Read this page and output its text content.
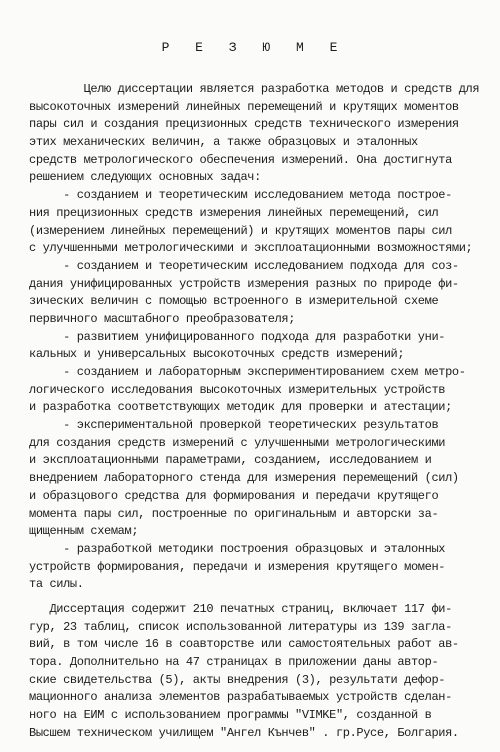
Р Е З Ю М Е
Целю диссертации является разработка методов и средств для
высокоточных измерений линейных перемещений и крутящих моментов
пары сил и создания прецизионных средств технического измерения
этих механических величин, а также образцовых и эталонных
средств метрологического обеспечения измерений. Она достигнута
решением следующих основных задач:
- созданием и теоретическим исследованием метода построе-
ния прецизионных средств измерения линейных перемещений, сил
(измерением линейных перемещений) и крутящих моментов пары сил
с улучшенными метрологическими и эксплоатационными возможностями;
- созданием и теоретическим исследованием подхода для соз-
дания унифицированных устройств измерения разных по природе фи-
зических величин с помощью встроенного в измерительной схеме
первичного масштабного преобразователя;
- развитием унифицированного подхода для разработки уни-
кальных и универсальных высокоточных средств измерений;
- созданием и лабораторным экспериментированием схем метро-
логического исследования высокоточных измерительных устройств
и разработка соответствующих методик для проверки и атестации;
- экспериментальной проверкой теоретических результатов
для создания средств измерений с улучшенными метрологическими
и эксплоатационными параметрами, созданием, исследованием и
внедрением лабораторного стенда для измерения перемещений (сил)
и образцового средства для формирования и передачи крутящего
момента пары сил, построенные по оригинальным и авторски за-
щищенным схемам;
- разработкой методики построения образцовых и эталонных
устройств формирования, передачи и измерения крутящего момен-
та силы.
Диссертация содержит 210 печатных страниц, включает 117 фи-
гур, 23 таблиц, список использованной литературы из 139 загла-
вий, в том числе 16 в соавторстве или самостоятельных работ ав-
тора. Дополнительно на 47 страницах в приложении даны автор-
ские свидетельства (5), акты внедрения (3), результати дефор-
мационного анализа элементов разрабатываемых устройств сделан-
ного на ЕИМ с использованием программы "VIMKE", созданной в
Высшем техническом училищем "Ангел Кънчев" . гр.Русе, Болгария.
